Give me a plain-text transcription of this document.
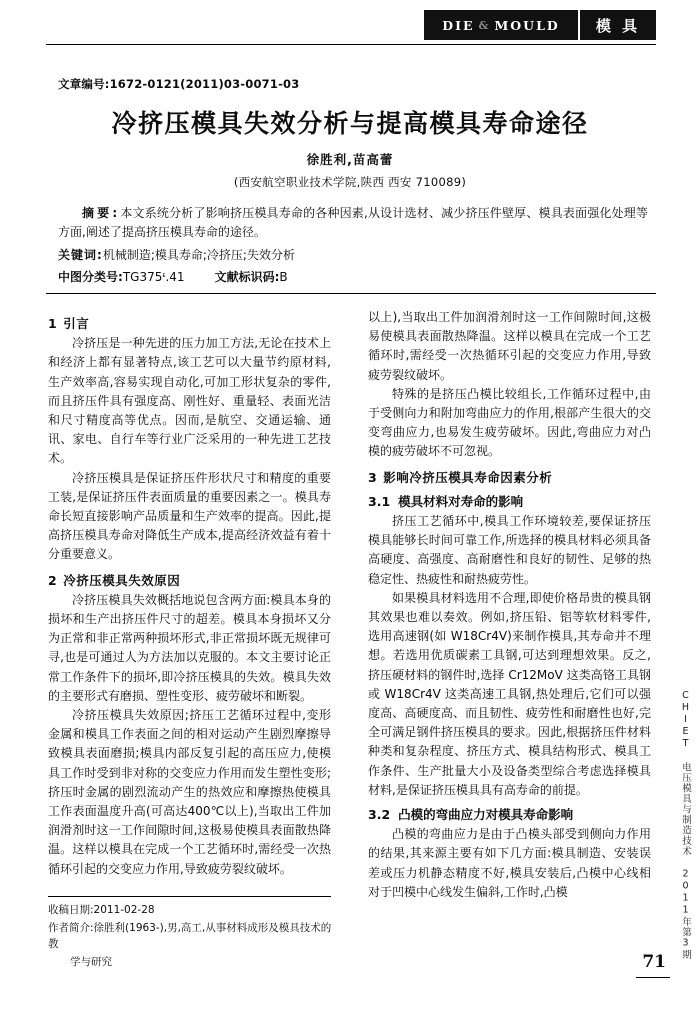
DIE & MOULD	模 具
文章编号:1672-0121(2011)03-0071-03
冷挤压模具失效分析与提高模具寿命途径
徐胜利,苗高蕾
(西安航空职业技术学院,陕西 西安 710089)

摘要:本文系统分析了影响挤压模具寿命的各种因素,从设计选材、减少挤压件壁厚、模具表面强化处理等方面,阐述了提高挤压模具寿命的途径。

关键词:机械制造;模具寿命;冷挤压;失效分析

中图分类号:TG375ᶧ.41	文献标识码:B

1 引言

冷挤压是一种先进的压力加工方法,无论在技术上和经济上都有显著特点,该工艺可以大量节约原材料,生产效率高,容易实现自动化,可加工形状复杂的零件,而且挤压件具有强度高、刚性好、重量轻、表面光洁和尺寸精度高等优点。因而,是航空、交通运输、通讯、家电、自行车等行业广泛采用的一种先进工艺技术。

冷挤压模具是保证挤压件形状尺寸和精度的重要工装,是保证挤压件表面质量的重要因素之一。模具寿命长短直接影响产品质量和生产效率的提高。因此,提高挤压模具寿命对降低生产成本,提高经济效益有着十分重要意义。

2 冷挤压模具失效原因

冷挤压模具失效概括地说包含两方面:模具本身的损坏和生产出挤压件尺寸的超差。模具本身损坏又分为正常和非正常两种损坏形式,非正常损坏既无规律可寻,也是可通过人为方法加以克服的。本文主要讨论正常工作条件下的损坏,即冷挤压模具的失效。模具失效的主要形式有磨损、塑性变形、疲劳破坏和断裂。

冷挤压模具失效原因;挤压工艺循环过程中,变形金属和模具工作表面之间的相对运动产生剧烈摩擦导致模具表面磨损;模具内部反复引起的高压应力,使模具工作时受到非对称的交变应力作用而发生塑性变形;挤压时金属的剧烈流动产生的热效应和摩擦热使模具工作表面温度升高(可高达400℃以上),当取出工件加润滑剂时这一工作间隙时间,这极易使模具表面散热降温。这样以模具在完成一个工艺循环时,需经受一次热循环引起的交变应力作用,导致疲劳裂纹破坏。

以上),当取出工件加润滑剂时这一工作间隙时间,这极易使模具表面散热降温。这样以模具在完成一个工艺循环时,需经受一次热循环引起的交变应力作用,导致疲劳裂纹破坏。

特殊的是挤压凸模比较组长,工作循环过程中,由于受侧向力和附加弯曲应力的作用,根部产生很大的交变弯曲应力,也易发生疲劳破坏。因此,弯曲应力对凸模的疲劳破坏不可忽视。

3 影响冷挤压模具寿命因素分析
3.1 模具材料对寿命的影响

挤压工艺循环中,模具工作环境较差,要保证挤压模具能够长时间可靠工作,所选择的模具材料必须具备高硬度、高强度、高耐磨性和良好的韧性、足够的热稳定性、热疲性和耐热疲劳性。

如果模具材料选用不合理,即使价格昂贵的模具钢其效果也难以奏效。例如,挤压铅、铝等软材料零件,选用高速钢(如 W18Cr4V)来制作模具,其寿命并不理想。若选用优质碳素工具钢,可达到理想效果。反之,挤压硬材料的钢件时,选择 Cr12MoV 这类高铬工具钢或 W18Cr4V 这类高速工具钢,热处理后,它们可以强度高、高硬度高、而且韧性、疲劳性和耐磨性也好,完全可满足钢件挤压模具的要求。因此,根据挤压件材料种类和复杂程度、挤压方式、模具结构形式、模具工作条件、生产批量大小及设备类型综合考虑选择模具材料,是保证挤压模具具有高寿命的前提。

3.2 凸模的弯曲应力对模具寿命影响

凸模的弯曲应力是由于凸模头部受到侧向力作用的结果,其来源主要有如下几方面:模具制造、安装误差或压力机静态精度不好,模具安装后,凸模中心线相对于凹模中心线发生偏斜,工作时,凸模

收稿日期:2011-02-28

作者简介:徐胜利(1963-),男,高工,从事材料成形及模具技术的教

学与研究

CHIET 电压模具与制造技术 2011年第3期
71
